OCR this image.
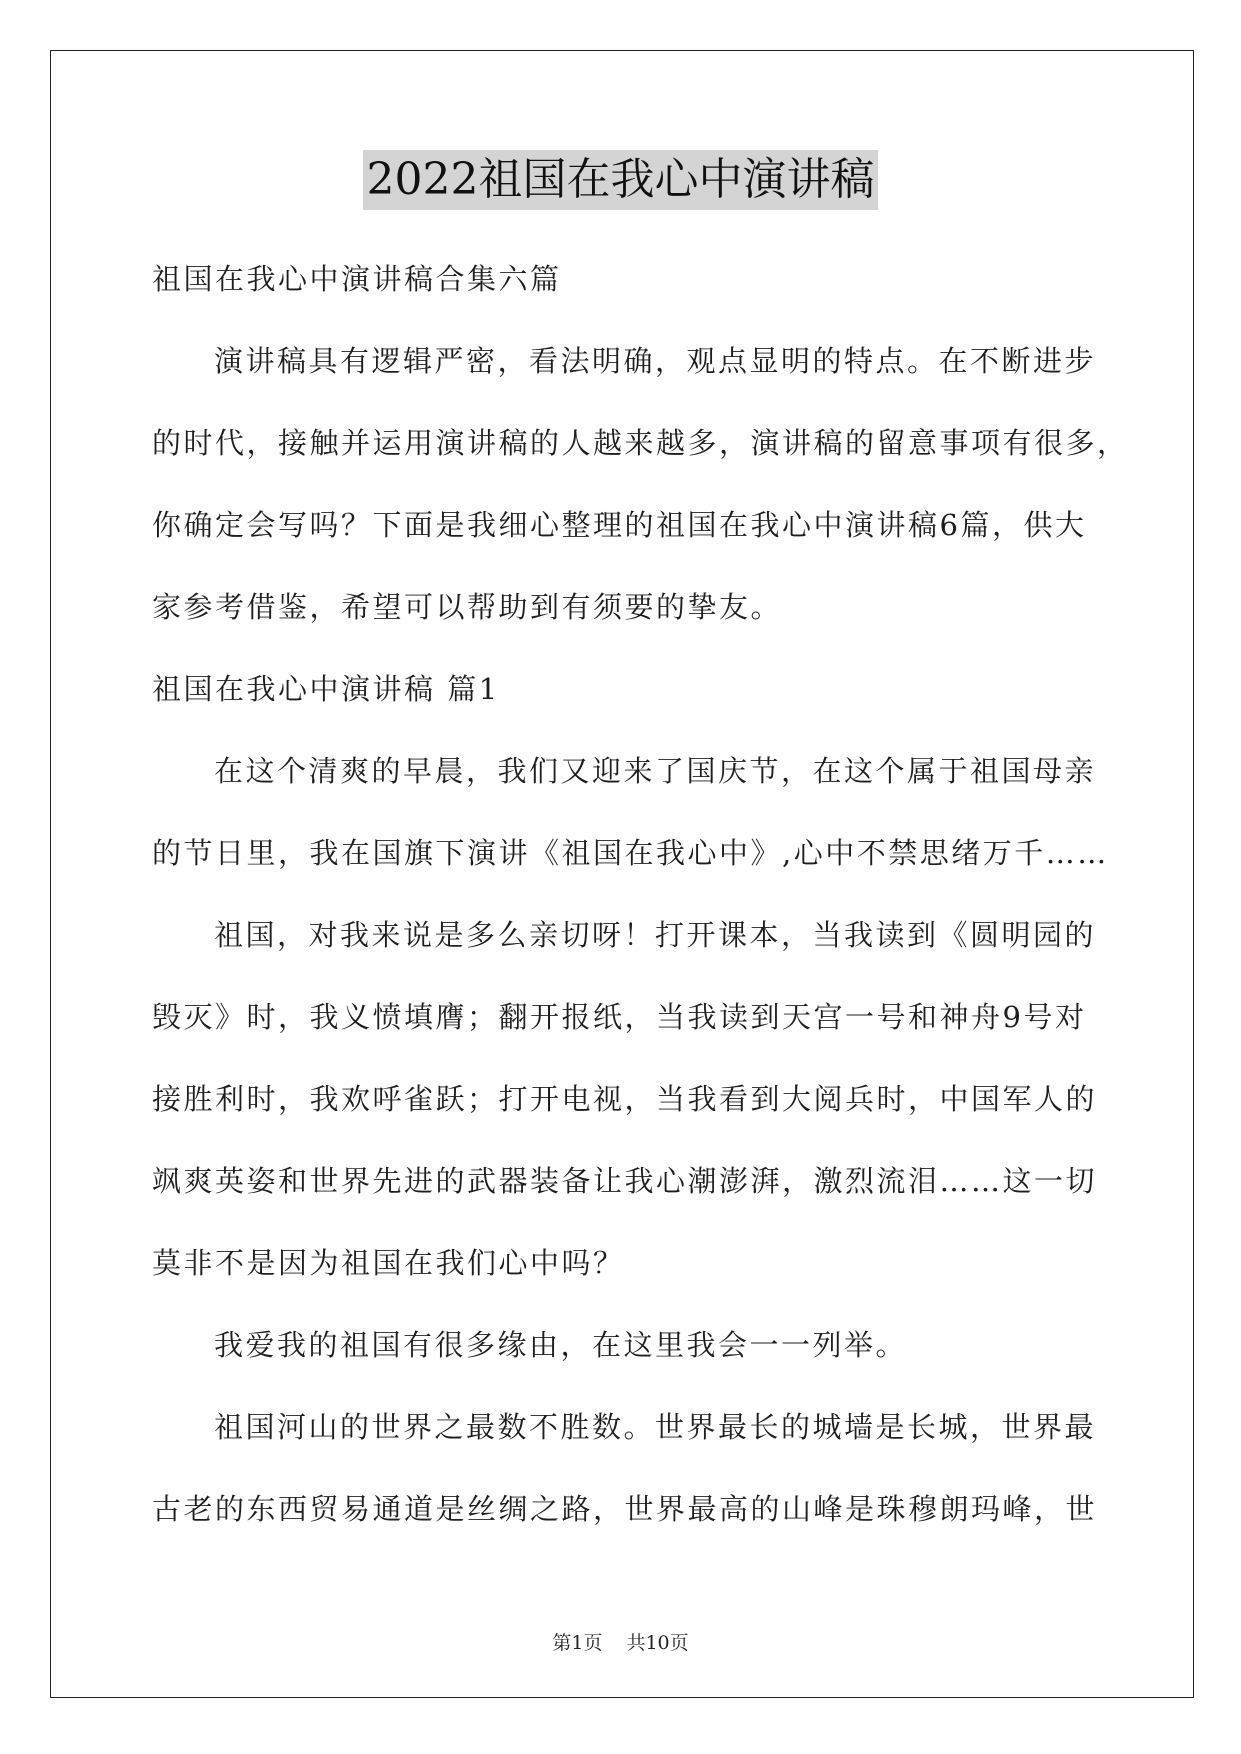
2022祖国在我心中演讲稿
祖国在我心中演讲稿合集六篇
演讲稿具有逻辑严密，看法明确，观点显明的特点。在不断进步
的时代，接触并运用演讲稿的人越来越多，演讲稿的留意事项有很多，
你确定会写吗？下面是我细心整理的祖国在我心中演讲稿6篇，供大
家参考借鉴，希望可以帮助到有须要的挚友。
祖国在我心中演讲稿 篇1
在这个清爽的早晨，我们又迎来了国庆节，在这个属于祖国母亲
的节日里，我在国旗下演讲《祖国在我心中》,心中不禁思绪万千……
祖国，对我来说是多么亲切呀！打开课本，当我读到《圆明园的
毁灭》时，我义愤填膺；翻开报纸，当我读到天宫一号和神舟9号对
接胜利时，我欢呼雀跃；打开电视，当我看到大阅兵时，中国军人的
飒爽英姿和世界先进的武器装备让我心潮澎湃，激烈流泪……这一切
莫非不是因为祖国在我们心中吗？
我爱我的祖国有很多缘由，在这里我会一一列举。
祖国河山的世界之最数不胜数。世界最长的城墙是长城，世界最
古老的东西贸易通道是丝绸之路，世界最高的山峰是珠穆朗玛峰，世
第1页 共10页
